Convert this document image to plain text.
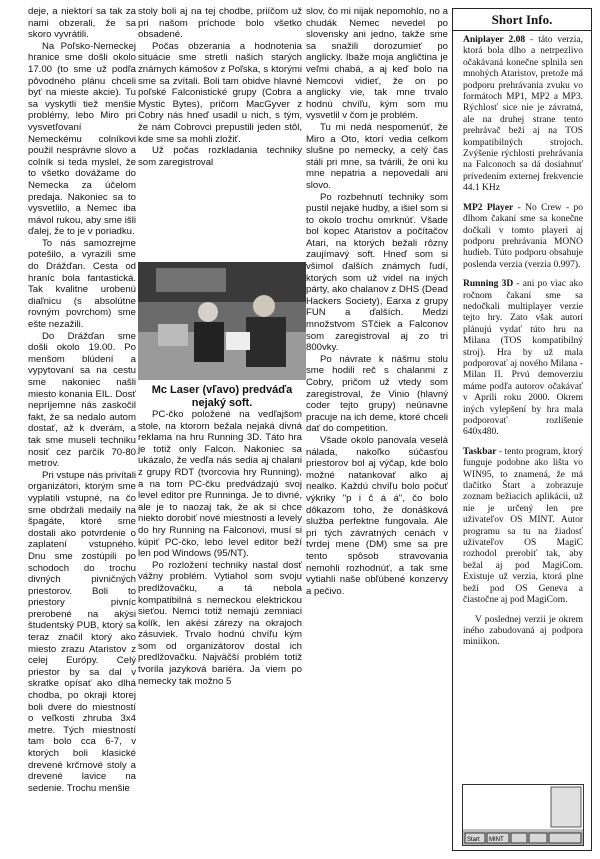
deje, a niektorí sa tak za nami obzerali, že sa skoro vyvrátili.

Na Poľsko-Nemeckej hranice sme došli okolo 17.00 (to sme už podľa pôvodného plánu chceli byť na mieste akcie). Tu sa vyskytli tiež menšie problémy, lebo Miro pri vysvetľovaní Nemeckému colníkovi použil nesprávne slovo a colník si teda myslel, že to všetko dovážame do Nemecka za účelom predaja. Nakoniec sa to vysvetlilo, a Nemec iba mávol rukou, aby sme išli ďalej, že to je v poriadku.

To nás samozrejme potešilo, a vyrazili sme do Drážďan. Cesta od hraníc bola fantastická. Tak kvalitne urobenú diaľnicu (s absolútne rovným povrchom) sme ešte nezažili.

Do Drážďan sme došli okolo 19.00. Po menšom blúdení a vypytovaní sa na cestu sme nakoniec našli miesto konania EIL. Dosť nepríjemne nás zaskočil fakt, že sa nedalo autom dostať, až k dverám, a tak sme museli techniku nosiť cez parčík 70-80 metrov.

Pri vstupe nás privítali organizátori, ktorým sme vyplatili vstupné, na čo sme obdržali medaily na špagáte, ktoré sme dostali ako potvrdenie o zaplatení vstupného. Dnu sme zostúpili po schodoch do trochu divných pivničných priestorov. Boli to priestory pivníc prerobené na akýsi študentský PUB, ktorý sa teraz značil ktorý ako miesto zrazu Ataristov z celej Európy. Celý priestor by sa dal v skratke opísať ako dlhá chodba, po okraji ktorej boli dvere do miestností o veľkosti zhruba 3x4 metre. Tých miestností tam bolo cca 6-7, v ktorých boli klasické drevené krčmové stoly a drevené lavice na sedenie. Trochu menšie

stoly boli aj na tej chodbe, priíčom už pri našom príchode bolo všetko obsadené.

Počas obzerania a hodnotenia situácie sme stretli našich starých známych kámošov z Poľska, s ktorými sme sa zvítali. Boli tam obidve hlavné poľské Falconistické grupy (Cobra a Mystic Bytes), pričom MacGyver z Cobry nás hneď usadil u nich, s tým, že nám Cobrovci prepustili jeden stôl, kde sme sa mohli zložiť.

Už počas rozkladania techniky som zaregistroval

Mc Laser (vľavo) predváďa nejaký soft.

PC-čko položené na vedľajšom stole, na ktorom bežala nejaká divná reklama na hru Running 3D. Táto hra je totiž only Falcon. Nakoniec sa ukázalo, že vedľa nás sedia aj chalani z grupy RDT (tvorcovia hry Running), a na tom PC-čku predvádzajú svoj level editor pre Runninga. Je to divné, ale je to naozaj tak, že ak si chce niekto dorobiť nové miestnosti a levely do hry Running na Falconovi, musí si kúpiť PC-čko, lebo level editor beží len pod Windows (95/NT).

Po rozložení techniky nastal dosť vážny problém. Vytiahol som svoju predlžovačku, a tá nebola kompatibilná s nemeckou elektrickou sieťou. Nemci totiž nemajú zemniaci kolík, len akési zárezy na okrajoch zásuviek. Trvalo hodnú chvíľu kým som od organizátorov dostal ich predlžovačku. Najväčší problém totiž tvorila jazyková bariéra. Ja viem po nemecky tak možno 5

slov, čo mi nijak nepomohlo, no a chudák Nemec nevedel po slovensky ani jedno, takže sme sa snažili dorozumieť po anglicky. Ibaže moja angličtina je veľmi chabá, a aj keď bolo na Nemcovi vidieť, že on po anglicky vie, tak mne trvalo hodnú chvíľu, kým som mu vysvetlil v čom je problém.

Tu mi nedá nespomenúť, že Miro a Oto, ktorí vedia celkom slušne po nemecky, a celý čas stáli pri mne, sa tvárili, že oni ku mne nepatria a nepovedali ani slovo.

Po rozbehnutí techniky som pustil nejaké hudby, a išiel som si to okolo trochu omrknúť. Všade bol kopec Ataristov a počítačov Atari, na ktorých bežali rôzny zaujímavý soft. Hneď som si všimol ďalších známych ľudí, ktorých som už videl na iných párty, ako chalanov z DHS (Dead Hackers Society), Earxa z grupy FUN a ďalších. Medzi množstvom STčiek a Falconov som zaregistroval aj zo tri 800vky.

Po návrate k nášmu stolu sme hodili reč s chalanmi z Cobry, pričom už vtedy som zaregistroval, že Vinio (hlavný coder tejto grupy) neúnavne pracuje na ich deme, ktoré chceli dať do competition.

Všade okolo panovala veselá nálada, nakoľko súčasťou priestorov bol aj výčap, kde bolo možné natankovať alko aj nealko. Každú chvíľu bolo počuť výkriky "p i č á á", čo bolo dôkazom toho, že donášková služba perfektne fungovala. Ale pri tých závratných cenách v tvrdej mene (DM) sme sa pre tento spôsob stravovania nemohli rozhodnúť, a tak sme vytiahli naše obľúbené konzervy a pečivo.

Short Info.

Aniplayer 2.08 - táto verzia, ktorá bola dlho a netrpezlivo očakávaná konečne splnila sen mnohých Ataristov, pretože má podporu prehrávania zvuku vo formátoch MP1, MP2 a MP3. Rýchlosť sice nie je závratná, ale na druhej strane tento prehrávač beží aj na TOS kompatibilných strojoch. Zvýšenie rýchlosti prehrávania na Falconoch sa dá dosiahnuť prívedením externej frekvencie 44.1 KHz

MP2 Player - No Crew - po dlhom čakaní sme sa konečne dočkali v tomto playeri aj podporu prehrávania MONO hudieb. Túto podporu obsahuje poslenda verzia (verzia 0.997).

Running 3D - ani po viac ako ročnom čakaní sme sa nedočkali multiplayer verzie tejto hry. Zato však autori plánujú vydať túto hru na Milana (TOS kompatibilný stroj). Hra by už mala podporovať aj nového Milana - Milan II. Prvú demoverziu máme podľa autorov očakávať v Apríli roku 2000. Okrem iných vylepšení by hra mala podporovať rozlíšenie 640x480.

Taskbar - tento program, ktorý funguje podobne ako lišta vo WIN95, to znamená, že má tlačítko Štart a zobrazuje zoznam bežiacich aplikácii, už nie je určený len pre užívateľov OS MINT. Autor programu sa tu na žiadosť užívateľov OS MagiC rozhodol prerobiť tak, aby bežal aj pod MagiCom. Existuje už verzia, ktorá plne beží pod OS Geneva a čiastočne aj pod MagiCom.

V poslednej verzii je okrem iného zabudovaná aj podpora miniikon.

Start MINT
